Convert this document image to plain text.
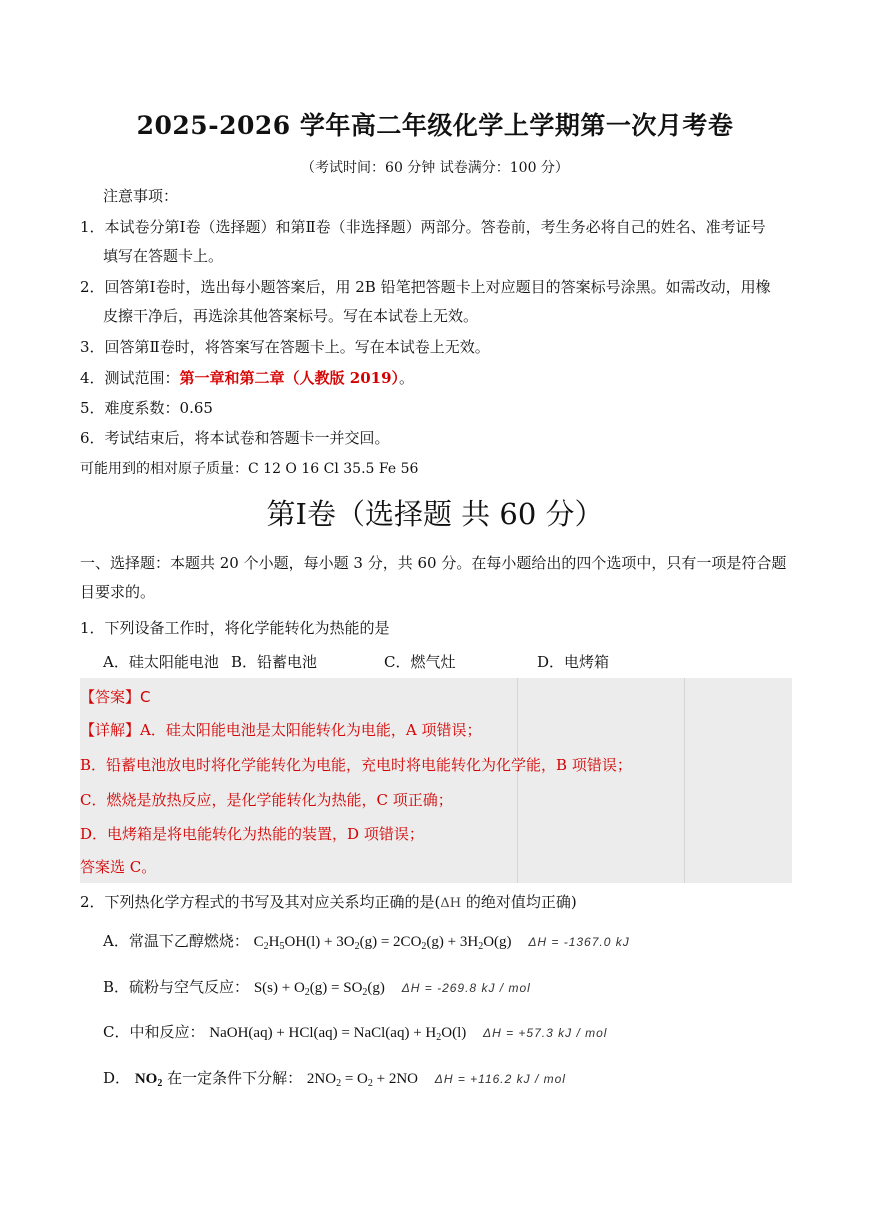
2025-2026 学年高二年级化学上学期第一次月考卷
（考试时间：60 分钟 试卷满分：100 分）
注意事项：
1．本试卷分第Ⅰ卷（选择题）和第Ⅱ卷（非选择题）两部分。答卷前，考生务必将自己的姓名、准考证号
填写在答题卡上。
2．回答第Ⅰ卷时，选出每小题答案后，用 2B 铅笔把答题卡上对应题目的答案标号涂黑。如需改动，用橡
皮擦干净后，再选涂其他答案标号。写在本试卷上无效。
3．回答第Ⅱ卷时，将答案写在答题卡上。写在本试卷上无效。
4．测试范围：第一章和第二章（人教版 2019）。
5．难度系数：0.65
6．考试结束后，将本试卷和答题卡一并交回。
可能用到的相对原子质量：C 12 O 16 Cl 35.5 Fe 56
第Ⅰ卷（选择题 共 60 分）
一、选择题：本题共 20 个小题，每小题 3 分，共 60 分。在每小题给出的四个选项中，只有一项是符合题
目要求的。
1．下列设备工作时，将化学能转化为热能的是
A．硅太阳能电池 B．铅蓄电池	C．燃气灶	D．电烤箱
【答案】C
【详解】A．硅太阳能电池是太阳能转化为电能，A 项错误；
B．铅蓄电池放电时将化学能转化为电能，充电时将电能转化为化学能，B 项错误；
C．燃烧是放热反应，是化学能转化为热能，C 项正确；
D．电烤箱是将电能转化为热能的装置，D 项错误；
答案选 C。
2．下列热化学方程式的书写及其对应关系均正确的是(ΔH 的绝对值均正确)
A．常温下乙醇燃烧： $C_2H_5OH(l) + 3O_2(g) = 2CO_2(g) + 3H_2O(g) \Delta H = -1367.0$ kJ
B．硫粉与空气反应： $S(s) + O_2(g) = SO_2(g) \Delta H = -269.8$ kJ / mol
C．中和反应： NaOH(aq) + HCl(aq) = NaCl(aq) + $H_2O(l) \Delta H = +57.3$ kJ / mol
D． $NO_2$ 在一定条件下分解： $2NO_2 = O_2 + 2NO$ ΔH = +116.2 kJ / mol
